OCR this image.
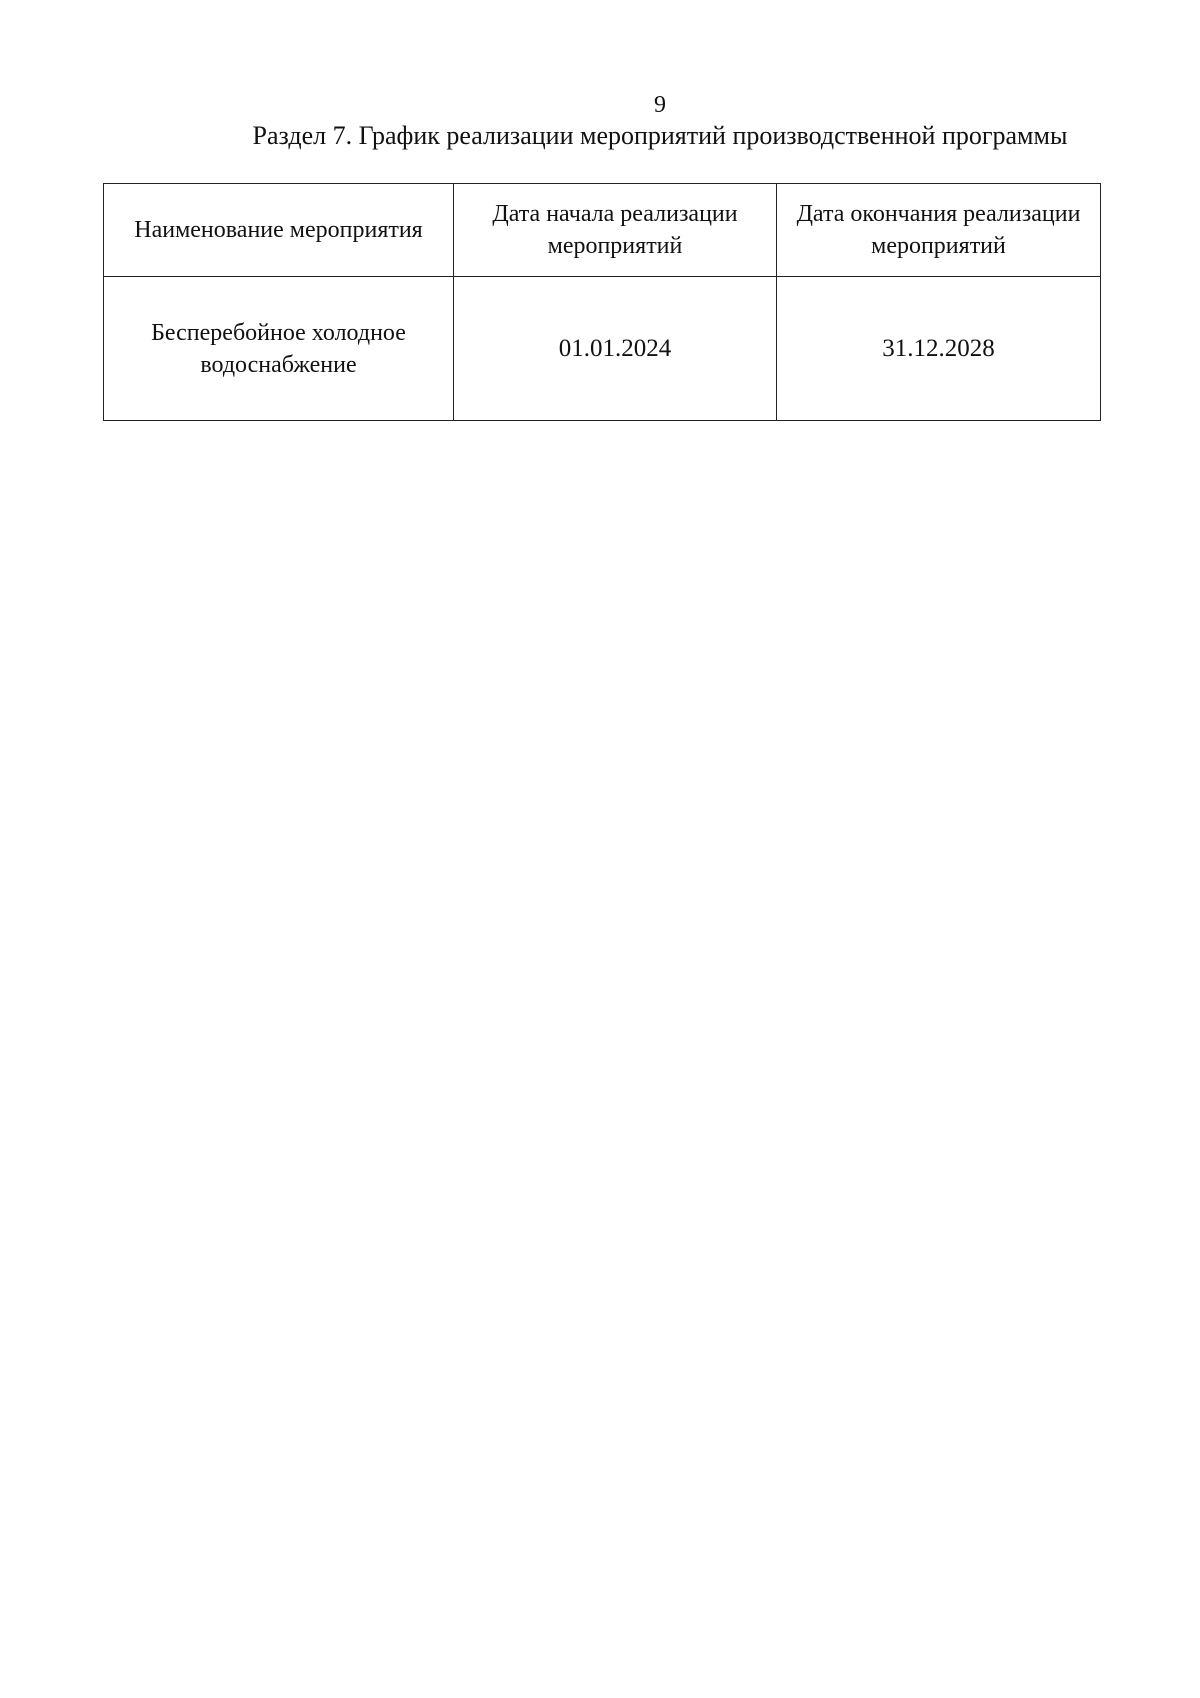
9
Раздел 7. График реализации мероприятий производственной программы
Наименование мероприятия	Дата начала реализации мероприятий	Дата окончания реализации мероприятий
Бесперебойное холодное водоснабжение	01.01.2024	31.12.2028
